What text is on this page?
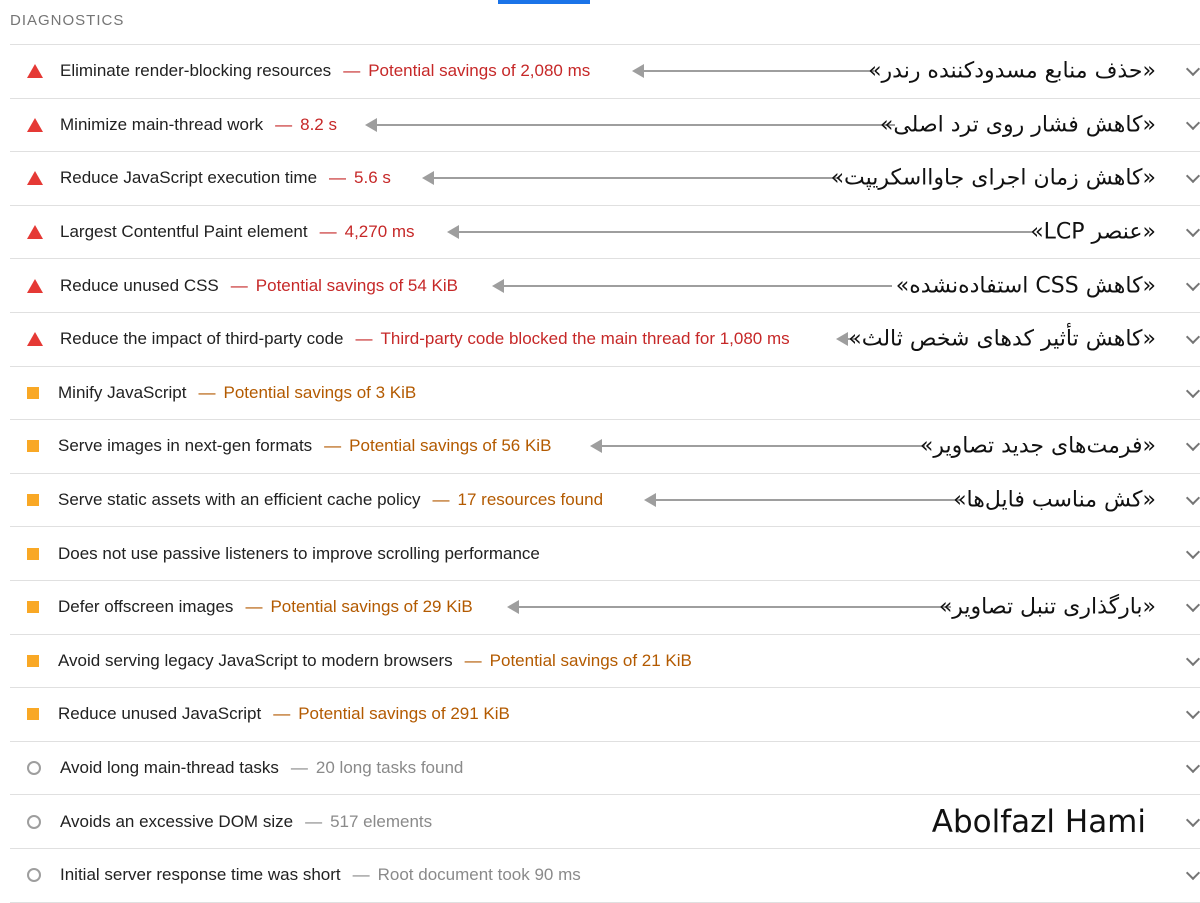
DIAGNOSTICS
Eliminate render-blocking resources — Potential savings of 2,080 ms	«حذف منابع مسدودکننده رندر»
Minimize main-thread work — 8.2 s	«کاهش فشار روی ترد اصلی»
Reduce JavaScript execution time — 5.6 s	«کاهش زمان اجرای جاوااسکریپت»
Largest Contentful Paint element — 4,270 ms	«عنصر LCP»
Reduce unused CSS — Potential savings of 54 KiB	«کاهش CSS استفاده‌نشده»
Reduce the impact of third-party code — Third-party code blocked the main thread for 1,080 ms	«کاهش تأثیر کدهای شخص ثالث»
Minify JavaScript — Potential savings of 3 KiB
Serve images in next-gen formats — Potential savings of 56 KiB	«فرمت‌های جدید تصاویر»
Serve static assets with an efficient cache policy — 17 resources found	«کش مناسب فایل‌ها»
Does not use passive listeners to improve scrolling performance
Defer offscreen images — Potential savings of 29 KiB	«بارگذاری تنبل تصاویر»
Avoid serving legacy JavaScript to modern browsers — Potential savings of 21 KiB
Reduce unused JavaScript — Potential savings of 291 KiB
Avoid long main-thread tasks — 20 long tasks found
Avoids an excessive DOM size — 517 elements	Abolfazl Hami
Initial server response time was short — Root document took 90 ms
